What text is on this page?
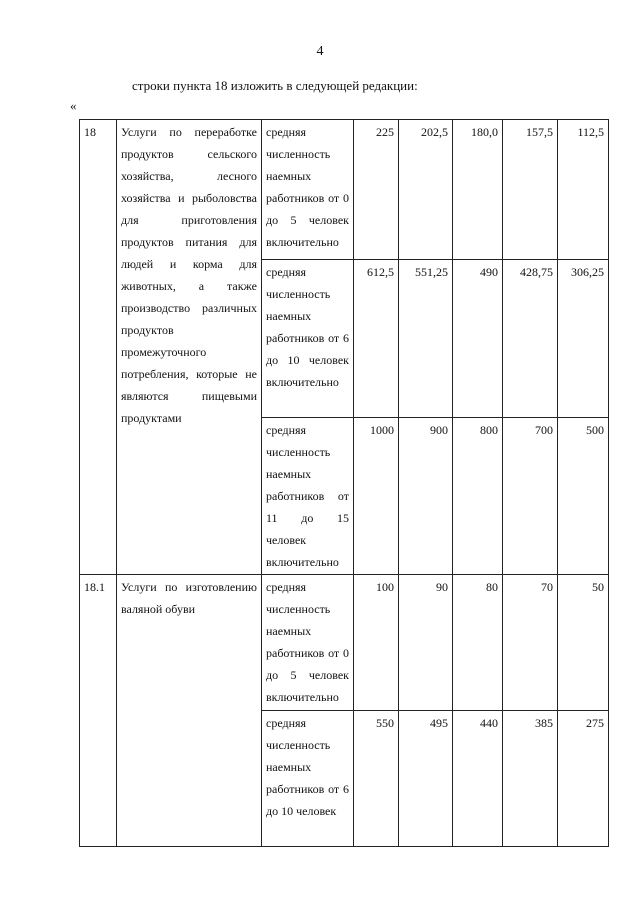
4
строки пункта 18 изложить в следующей редакции:
«
18	Услуги по переработке продуктов сельского хозяйства, лесного хозяйства и рыболовства для приготовления продуктов питания для людей и корма для животных, а также производство различных продуктов промежуточного потребления, которые не являются пищевыми продуктами	средняя численность наемных работников от 0 до 5 человек включительно	225	202,5	180,0	157,5	112,5
		средняя численность наемных работников от 6 до 10 человек включительно	612,5	551,25	490	428,75	306,25
		средняя численность наемных работников от 11 до 15 человек включительно	1000	900	800	700	500
18.1	Услуги по изготовлению валяной обуви	средняя численность наемных работников от 0 до 5 человек включительно	100	90	80	70	50
		средняя численность наемных работников от 6 до 10 человек	550	495	440	385	275
